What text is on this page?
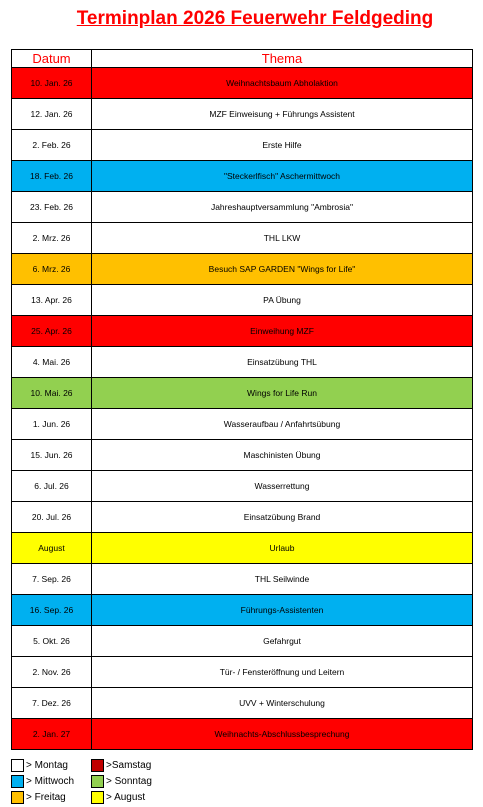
Terminplan 2026 Feuerwehr Feldgeding
Datum	Thema
10. Jan. 26	Weihnachtsbaum Abholaktion
12. Jan. 26	MZF Einweisung + Führungs Assistent
2. Feb. 26	Erste Hilfe
18. Feb. 26	"Steckerlfisch" Aschermittwoch
23. Feb. 26	Jahreshauptversammlung "Ambrosia"
2. Mrz. 26	THL LKW
6. Mrz. 26	Besuch SAP GARDEN "Wings for Life"
13. Apr. 26	PA Übung
25. Apr. 26	Einweihung MZF
4. Mai. 26	Einsatzübung THL
10. Mai. 26	Wings for Life Run
1. Jun. 26	Wasseraufbau / Anfahrtsübung
15. Jun. 26	Maschinisten Übung
6. Jul. 26	Wasserrettung
20. Jul. 26	Einsatzübung Brand
August	Urlaub
7. Sep. 26	THL Seilwinde
16. Sep. 26	Führungs-Assistenten
5. Okt. 26	Gefahrgut
2. Nov. 26	Tür- / Fensteröffnung und Leitern
7. Dez. 26	UVV + Winterschulung
2. Jan. 27	Weihnachts-Abschlussbesprechung
> Montag	>Samstag
> Mittwoch	> Sonntag
> Freitag	> August
